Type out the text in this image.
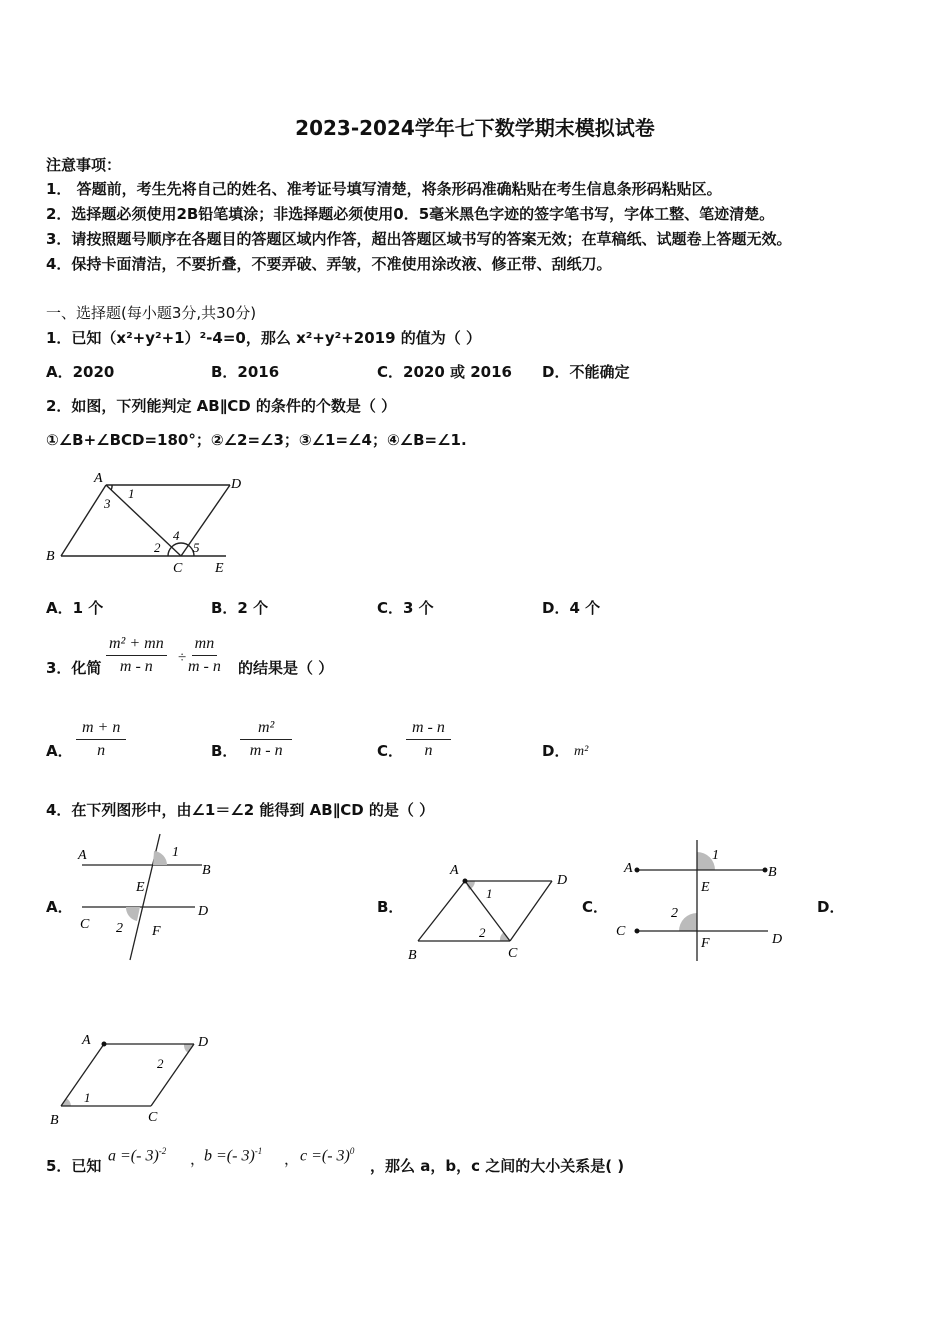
2023-2024学年七下数学期末模拟试卷
注意事项：
1． 答题前，考生先将自己的姓名、准考证号填写清楚，将条形码准确粘贴在考生信息条形码粘贴区。
2．选择题必须使用2B铅笔填涂；非选择题必须使用0．5毫米黑色字迹的签字笔书写，字体工整、笔迹清楚。
3．请按照题号顺序在各题目的答题区域内作答，超出答题区域书写的答案无效；在草稿纸、试题卷上答题无效。
4．保持卡面清洁，不要折叠，不要弄破、弄皱，不准使用涂改液、修正带、刮纸刀。
一、选择题(每小题3分,共30分)
1．已知（x²+y²+1）²-4=0，那么 x²+y²+2019 的值为（ ）
A．2020	B．2016	C．2020 或 2016 D．不能确定
2．如图，下列能判定 AB∥CD 的条件的个数是（ ）
①∠B+∠BCD=180°；②∠2=∠3；③∠1=∠4；④∠B=∠1.
A	D
B
C E
1
3
2
4
5
A．1 个	B．2 个	C．3 个	D．4 个
3．化简 $\frac{\text{m² + mn}}{m - n} \div \frac{mn}{m - n}$ 的结果是（ ）
A． $\frac{m + n}{n}$	B． $\frac{\text{m²}}{m - n}$	C． $\frac{m - n}{n}$	D． m²
4．在下列图形中，由∠1＝∠2 能得到 AB∥CD 的是（ ）
A．
A
B
1
E
C
D
2 F
B．
A
D
B	C
1
2
C．
A	B
1
E
C
D
2
F
D．
A	D
B	C
1
2
5．已知
a =(- 3)$^{-2}$ ，
b =(- 3)$^{-1}$ ， c =(- 3)$^0$
，那么 a，b，c 之间的大小关系是( )
